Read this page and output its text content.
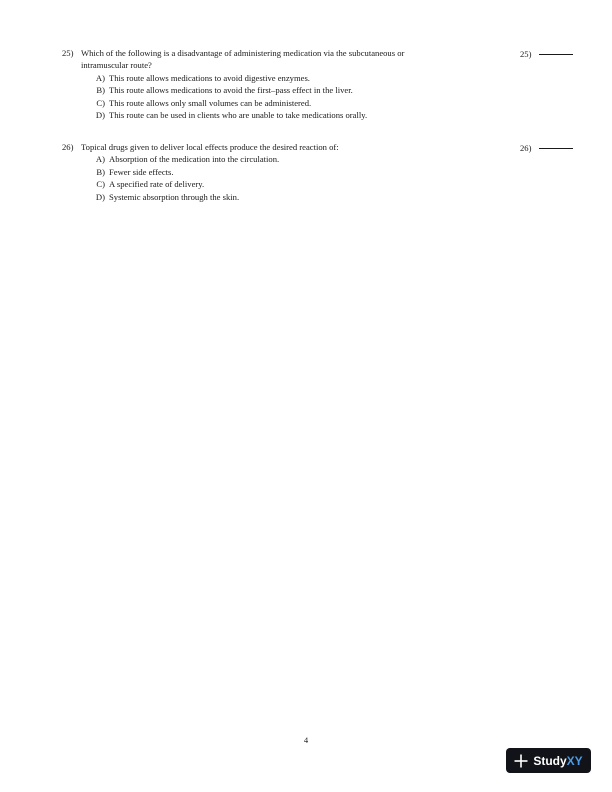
25) Which of the following is a disadvantage of administering medication via the subcutaneous or
intramuscular route?
25)
A) This route allows medications to avoid digestive enzymes.
B) This route allows medications to avoid the first–pass effect in the liver.
C) This route allows only small volumes can be administered.
D) This route can be used in clients who are unable to take medications orally.
26) Topical drugs given to deliver local effects produce the desired reaction of:	26)
A) Absorption of the medication into the circulation.
B) Fewer side effects.
C) A specified rate of delivery.
D) Systemic absorption through the skin.
4
Study XY
